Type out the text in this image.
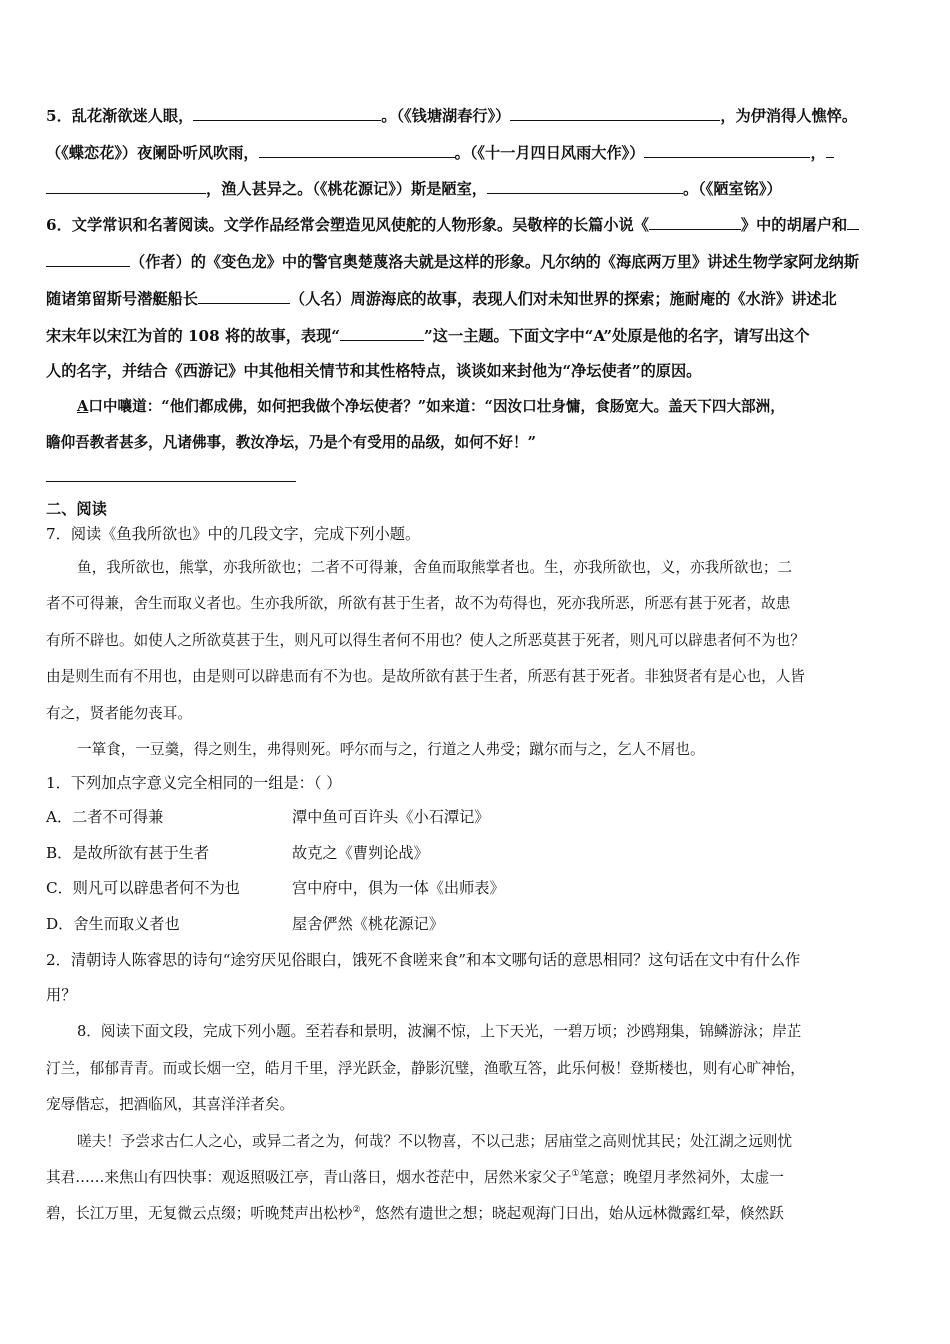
5．乱花渐欲迷人眼，	。（《钱塘湖春行》）	，为伊消得人憔悴。
（《蝶恋花》）夜阑卧听风吹雨，	。（《十一月四日风雨大作》）	，
，渔人甚异之。（《桃花源记》）斯是陋室，	。（《陋室铭》）
6．文学常识和名著阅读。文学作品经常会塑造见风使舵的人物形象。吴敬梓的长篇小说《	》中的胡屠户和
（作者）的《变色龙》中的警官奥楚蔑洛夫就是这样的形象。凡尔纳的《海底两万里》讲述生物学家阿龙纳斯
随诸第留斯号潜艇船长	（人名）周游海底的故事，表现人们对未知世界的探索；施耐庵的《水浒》讲述北
宋末年以宋江为首的 108 将的故事，表现“	”这一主题。下面文字中“A”处原是他的名字，请写出这个
人的名字，并结合《西游记》中其他相关情节和其性格特点，谈谈如来封他为“净坛使者”的原因。
A口中嚷道：“他们都成佛，如何把我做个净坛使者？”如来道：“因汝口壮身慵，食肠宽大。盖天下四大部洲，
瞻仰吾教者甚多，凡诸佛事，教汝净坛，乃是个有受用的品级，如何不好！”
二、阅读
7．阅读《鱼我所欲也》中的几段文字，完成下列小题。
鱼，我所欲也，熊掌，亦我所欲也；二者不可得兼，舍鱼而取熊掌者也。生，亦我所欲也，义，亦我所欲也；二
者不可得兼，舍生而取义者也。生亦我所欲，所欲有甚于生者，故不为苟得也，死亦我所恶，所恶有甚于死者，故患
有所不辟也。如使人之所欲莫甚于生，则凡可以得生者何不用也？使人之所恶莫甚于死者，则凡可以辟患者何不为也？
由是则生而有不用也，由是则可以辟患而有不为也。是故所欲有甚于生者，所恶有甚于死者。非独贤者有是心也，人皆
有之，贤者能勿丧耳。
一箪食，一豆羹，得之则生，弗得则死。呼尔而与之，行道之人弗受；蹴尔而与之，乞人不屑也。
1．下列加点字意义完全相同的一组是：（ ）
A．二者不可得兼	潭中鱼可百许头《小石潭记》
B．是故所欲有甚于生者	故克之《曹刿论战》
C．则凡可以辟患者何不为也	宫中府中，俱为一体《出师表》
D．舍生而取义者也	屋舍俨然《桃花源记》
2．清朝诗人陈睿思的诗句“途穷厌见俗眼白，饿死不食嗟来食”和本文哪句话的意思相同？这句话在文中有什么作
用？
8．阅读下面文段，完成下列小题。至若春和景明，波澜不惊，上下天光，一碧万顷；沙鸥翔集，锦鳞游泳；岸芷
汀兰，郁郁青青。而或长烟一空，皓月千里，浮光跃金，静影沉璧，渔歌互答，此乐何极！登斯楼也，则有心旷神怡，
宠辱偕忘，把酒临风，其喜洋洋者矣。
嗟夫！予尝求古仁人之心，或异二者之为，何哉？不以物喜，不以己悲；居庙堂之高则忧其民；处江湖之远则忧
其君……来焦山有四快事：观返照吸江亭，青山落日，烟水苍茫中，居然米家父子①笔意；晚望月孝然祠外，太虚一
碧，长江万里，无复微云点缀；听晚梵声出松杪②，悠然有遗世之想；晓起观海门日出，始从远林微露红晕，倏然跃
